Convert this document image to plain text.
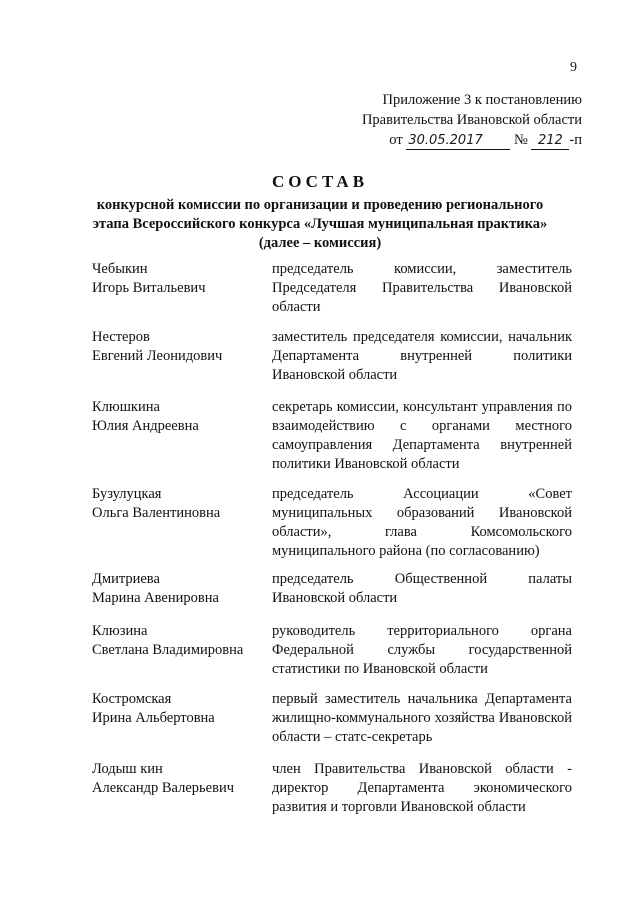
9
Приложение 3 к постановлению
Правительства Ивановской области
от 30.05.2017 № 212 -п
СОСТАВ
конкурсной комиссии по организации и проведению регионального
этапа Всероссийского конкурса «Лучшая муниципальная практика»
(далее – комиссия)
Чебыкин
Игорь Витальевич
председатель комиссии, заместитель Председателя Правительства Ивановской области
Нестеров
Евгений Леонидович
заместитель председателя комиссии, начальник Департамента внутренней политики Ивановской области
Клюшкина
Юлия Андреевна
секретарь комиссии, консультант управления по взаимодействию с органами местного самоуправления Департамента внутренней политики Ивановской области
Бузулуцкая
Ольга Валентиновна
председатель Ассоциации «Совет муниципальных образований Ивановской области», глава Комсомольского муниципального района (по согласованию)
Дмитриева
Марина Авенировна
председатель Общественной палаты Ивановской области
Клюзина
Светлана Владимировна
руководитель территориального органа Федеральной службы государственной статистики по Ивановской области
Костромская
Ирина Альбертовна
первый заместитель начальника Департамента жилищно-коммунального хозяйства Ивановской области – статс-секретарь
Лодыш кин
Александр Валерьевич
член Правительства Ивановской области - директор Департамента экономического развития и торговли Ивановской области
